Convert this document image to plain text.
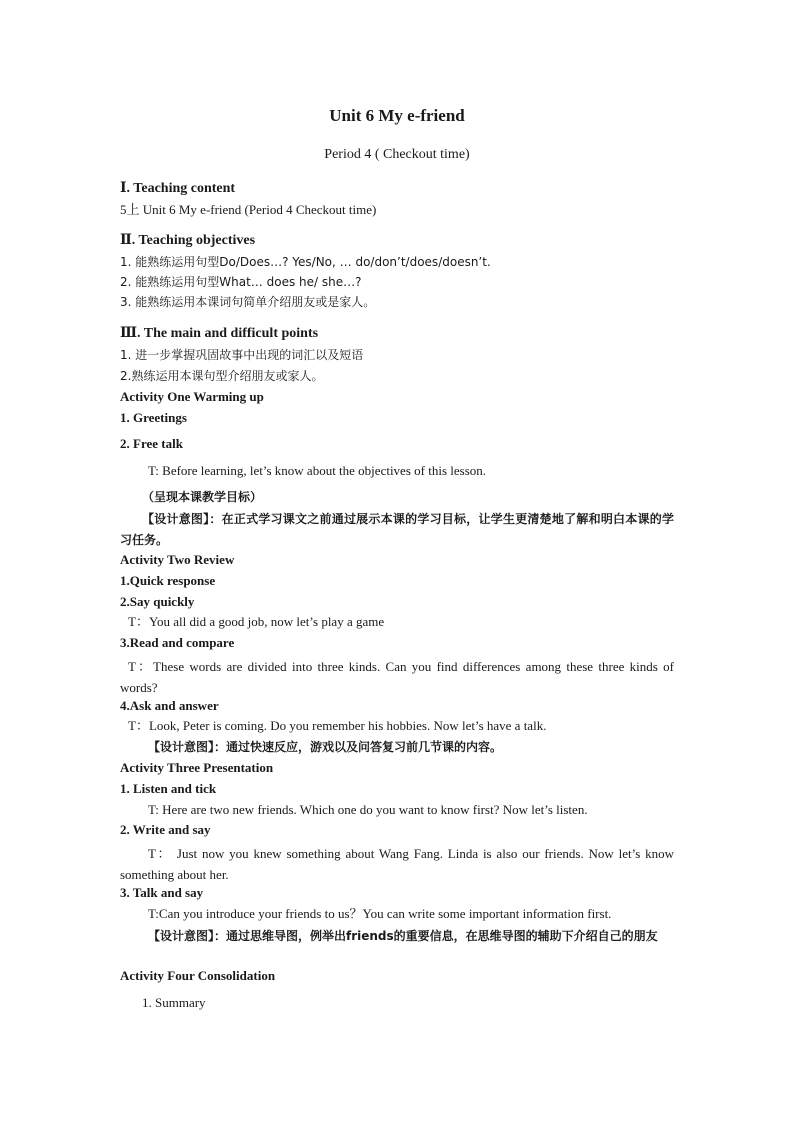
Unit 6 My e-friend
Period 4 ( Checkout time)
Ⅰ. Teaching content
5上 Unit 6 My e-friend (Period 4 Checkout time)
Ⅱ. Teaching objectives
1. 能熟练运用句型Do/Does…? Yes/No, … do/don’t/does/doesn’t.
2. 能熟练运用句型What… does he/ she…?
3. 能熟练运用本课词句简单介绍朋友或是家人。
Ⅲ. The main and difficult points
1. 进一步掌握巩固故事中出现的词汇以及短语
2.熟练运用本课句型介绍朋友或家人。
Activity One Warming up
1. Greetings
2. Free talk
T: Before learning, let’s know about the objectives of this lesson.
（呈现本课教学目标）
【设计意图】：在正式学习课文之前通过展示本课的学习目标，让学生更清楚地了解和明白本课的学习任务。
Activity Two Review
1.Quick response
2.Say quickly
T：You all did a good job, now let’s play a game
3.Read and compare
T：These words are divided into three kinds. Can you find differences among these three kinds of words?
4.Ask and answer
T：Look, Peter is coming. Do you remember his hobbies. Now let’s have a talk.
【设计意图】：通过快速反应，游戏以及问答复习前几节课的内容。
Activity Three Presentation
1. Listen and tick
T: Here are two new friends. Which one do you want to know first? Now let’s listen.
2. Write and say
T： Just now you knew something about Wang Fang. Linda is also our friends. Now let’s know something about her.
3. Talk and say
T:Can you introduce your friends to us？You can write some important information first.
【设计意图】：通过思维导图，例举出friends的重要信息，在思维导图的辅助下介绍自己的朋友
Activity Four Consolidation
1. Summary
